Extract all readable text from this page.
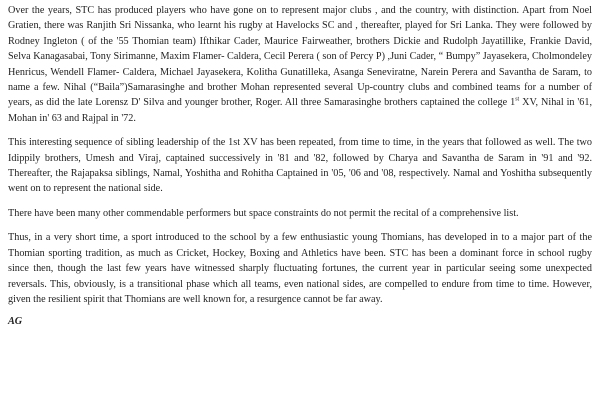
Over the years, STC has produced players who have gone on to represent major clubs , and the country, with distinction. Apart from Noel Gratien, there was Ranjith Sri Nissanka, who learnt his rugby at Havelocks SC and , thereafter, played for Sri Lanka. They were followed by Rodney Ingleton ( of the '55 Thomian team) Ifthikar Cader, Maurice Fairweather, brothers Dickie and Rudolph Jayatillike, Frankie David, Selva Kanagasabai, Tony Sirimanne, Maxim Flamer- Caldera, Cecil Perera ( son of Percy P) ,Juni Cader, “ Bumpy” Jayasekera, Cholmondeley Henricus, Wendell Flamer- Caldera, Michael Jayasekera, Kolitha Gunatilleka, Asanga Seneviratne, Narein Perera and Savantha de Saram, to name a few. Nihal (“Baila”)Samarasinghe and brother Mohan represented several Up-country clubs and combined teams for a number of years, as did the late Lorensz D' Silva and younger brother, Roger. All three Samarasinghe brothers captained the college 1st XV, Nihal in '61, Mohan in' 63 and Rajpal in '72.

This interesting sequence of sibling leadership of the 1st XV has been repeated, from time to time, in the years that followed as well. The two Idippily brothers, Umesh and Viraj, captained successively in '81 and '82, followed by Charya and Savantha de Saram in '91 and '92. Thereafter, the Rajapaksa siblings, Namal, Yoshitha and Rohitha Captained in '05, '06 and '08, respectively. Namal and Yoshitha subsequently went on to represent the national side.

There have been many other commendable performers but space constraints do not permit the recital of a comprehensive list.

Thus, in a very short time, a sport introduced to the school by a few enthusiastic young Thomians, has developed in to a major part of the Thomian sporting tradition, as much as Cricket, Hockey, Boxing and Athletics have been. STC has been a dominant force in school rugby since then, though the last few years have witnessed sharply fluctuating fortunes, the current year in particular seeing some unexpected reversals. This, obviously, is a transitional phase which all teams, even national sides, are compelled to endure from time to time. However, given the resilient spirit that Thomians are well known for, a resurgence cannot be far away.

AG
